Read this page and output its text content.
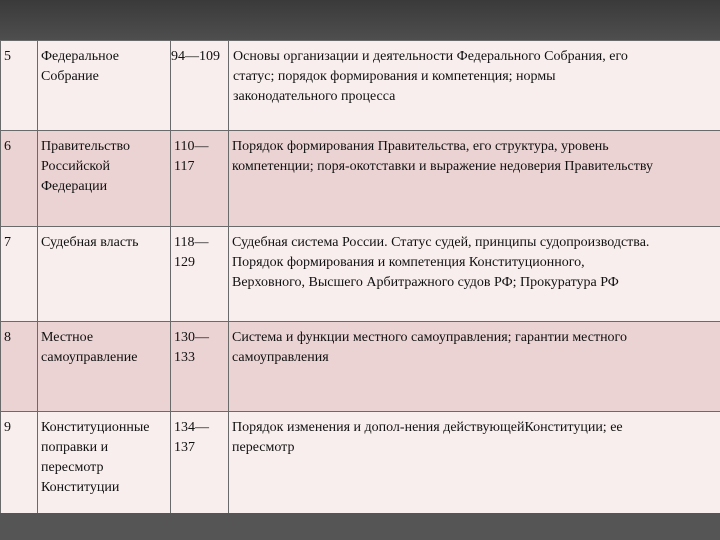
5	Федеральное
Собрание	94—109	Основы организации и деятельности Федерального Собрания, его
статус; порядок формирования и компетенция; нормы
законодательного процесса
6	Правительство
Российской
Федерации	110—
117	Порядок формирования Правительства, его структура, уровень
компетенции; поря-окотставки и выражение недоверия Правительству
7	Судебная власть	118—
129	Судебная система России. Статус судей, принципы судопроизводства.
Порядок формирования и компетенция Конституционного,
Верховного, Высшего Арбитражного судов РФ; Прокуратура РФ
8	Местное
самоуправление	130—
133	Система и функции местного самоуправления; гарантии местного
самоуправления
9	Конституционные
поправки и
пересмотр
Конституции	134—
137	Порядок изменения и допол-нения действующейКонституции; ее
пересмотр
